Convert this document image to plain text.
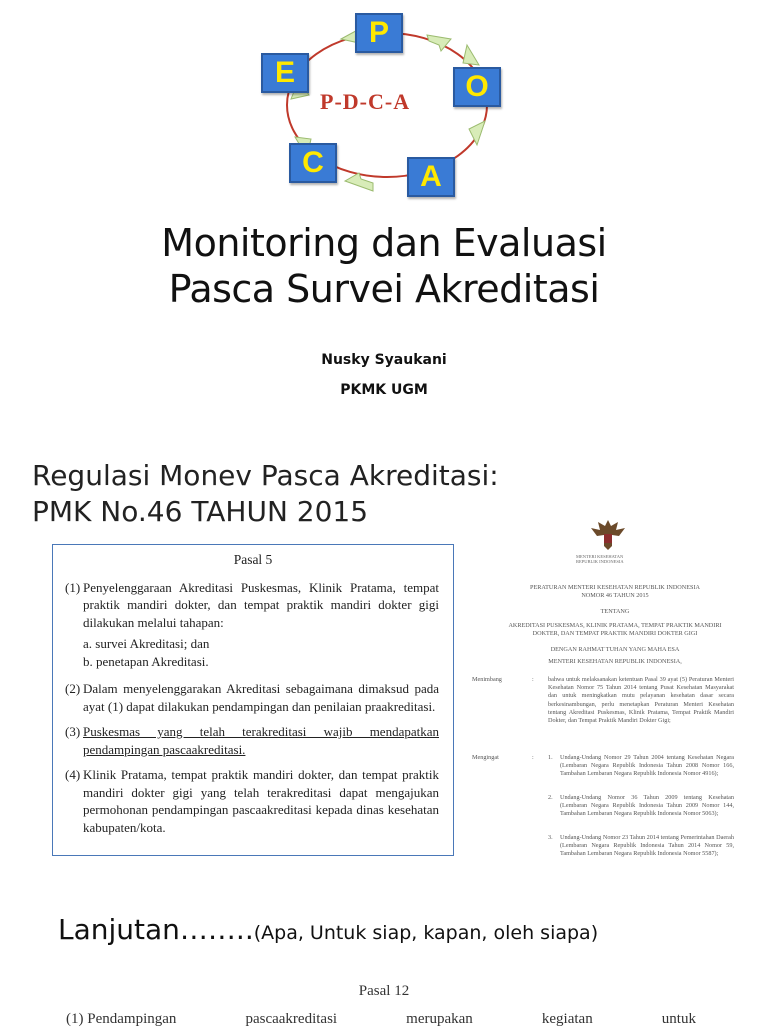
P
O
A
C
E
P-D-C-A
Monitoring dan Evaluasi
Pasca Survei Akreditasi
Nusky Syaukani
PKMK UGM
Regulasi Monev Pasca Akreditasi:
PMK No.46 TAHUN 2015
Pasal 5
(1) Penyelenggaraan Akreditasi Puskesmas, Klinik Pratama, tempat praktik mandiri dokter, dan tempat praktik mandiri dokter gigi dilakukan melalui tahapan:
a. survei Akreditasi; dan
b. penetapan Akreditasi.
(2) Dalam menyelenggarakan Akreditasi sebagaimana dimaksud pada ayat (1) dapat dilakukan pendampingan dan penilaian praakreditasi.
(3) Puskesmas yang telah terakreditasi wajib mendapatkan pendampingan pascaakreditasi.
(4) Klinik Pratama, tempat praktik mandiri dokter, dan tempat praktik mandiri dokter gigi yang telah terakreditasi dapat mengajukan permohonan pendampingan pascaakreditasi kepada dinas kesehatan kabupaten/kota.
MENTERI KESEHATAN
REPUBLIK INDONESIA
PERATURAN MENTERI KESEHATAN REPUBLIK INDONESIA
NOMOR 46 TAHUN 2015
TENTANG
AKREDITASI PUSKESMAS, KLINIK PRATAMA, TEMPAT PRAKTIK MANDIRI
DOKTER, DAN TEMPAT PRAKTIK MANDIRI DOKTER GIGI
DENGAN RAHMAT TUHAN YANG MAHA ESA
MENTERI KESEHATAN REPUBLIK INDONESIA,
Menimbang	: bahwa untuk melaksanakan ketentuan Pasal 39 ayat (5) Peraturan Menteri Kesehatan Nomor 75 Tahun 2014 tentang Pusat Kesehatan Masyarakat dan untuk meningkatkan mutu pelayanan kesehatan dasar secara berkesinambungan, perlu menetapkan Peraturan Menteri Kesehatan tentang Akreditasi Puskesmas, Klinik Pratama, Tempat Praktik Mandiri Dokter, dan Tempat Praktik Mandiri Dokter Gigi;
Mengingat	: 1. Undang-Undang Nomor 29 Tahun 2004 tentang Kesehatan Negara (Lembaran Negara Republik Indonesia Tahun 2008 Nomor 166, Tambahan Lembaran Negara Republik Indonesia Nomor 4916);
2. Undang-Undang Nomor 36 Tahun 2009 tentang Kesehatan (Lembaran Negara Republik Indonesia Tahun 2009 Nomor 144, Tambahan Lembaran Negara Republik Indonesia Nomor 5063);
3. Undang-Undang Nomor 23 Tahun 2014 tentang Pemerintahan Daerah (Lembaran Negara Republik Indonesia Tahun 2014 Nomor 59, Tambahan Lembaran Negara Republik Indonesia Nomor 5587);
Lanjutan……..(Apa, Untuk siap, kapan, oleh siapa)
Pasal 12
(1) Pendampingan	pascaakreditasi	merupakan	kegiatan	untuk
